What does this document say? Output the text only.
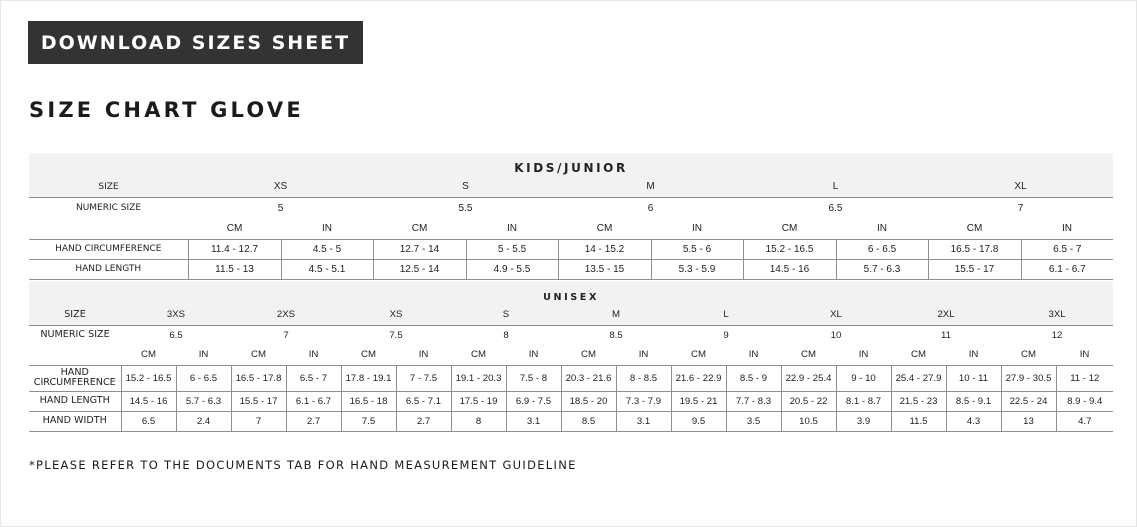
DOWNLOAD SIZES SHEET
SIZE CHART GLOVE
KIDS/JUNIOR										
SIZE	XS		S		M		L		XL	
NUMERIC SIZE	5		5.5		6		6.5		7	
	CM	IN	CM	IN	CM	IN	CM	IN	CM	IN
HAND CIRCUMFERENCE	11.4 - 12.7	4.5 - 5	12.7 - 14	5 - 5.5	14 - 15.2	5.5 - 6	15.2 - 16.5	6 - 6.5	16.5 - 17.8	6.5 - 7
HAND LENGTH	11.5 - 13	4.5 - 5.1	12.5 - 14	4.9 - 5.5	13.5 - 15	5.3 - 5.9	14.5 - 16	5.7 - 6.3	15.5 - 17	6.1 - 6.7
UNISEX																		
SIZE	3XS		2XS		XS		S		M		L		XL		2XL		3XL	
NUMERIC SIZE	6.5		7		7.5		8		8.5		9		10		11		12	
	CM	IN	CM	IN	CM	IN	CM	IN	CM	IN	CM	IN	CM	IN	CM	IN	CM	IN
HAND
CIRCUMFERENCE	15.2 - 16.5	6 - 6.5	16.5 - 17.8	6.5 - 7	17.8 - 19.1	7 - 7.5	19.1 - 20.3	7.5 - 8	20.3 - 21.6	8 - 8.5	21.6 - 22.9	8.5 - 9	22.9 - 25.4	9 - 10	25.4 - 27.9	10 - 11	27.9 - 30.5	11 - 12
HAND LENGTH	14.5 - 16	5.7 - 6.3	15.5 - 17	6.1 - 6.7	16.5 - 18	6.5 - 7.1	17.5 - 19	6.9 - 7.5	18.5 - 20	7.3 - 7.9	19.5 - 21	7.7 - 8.3	20.5 - 22	8.1 - 8.7	21.5 - 23	8.5 - 9.1	22.5 - 24	8.9 - 9.4
HAND WIDTH	6.5	2.4	7	2.7	7.5	2.7	8	3.1	8.5	3.1	9.5	3.5	10.5	3.9	11.5	4.3	13	4.7
*PLEASE REFER TO THE DOCUMENTS TAB FOR HAND MEASUREMENT GUIDELINE
